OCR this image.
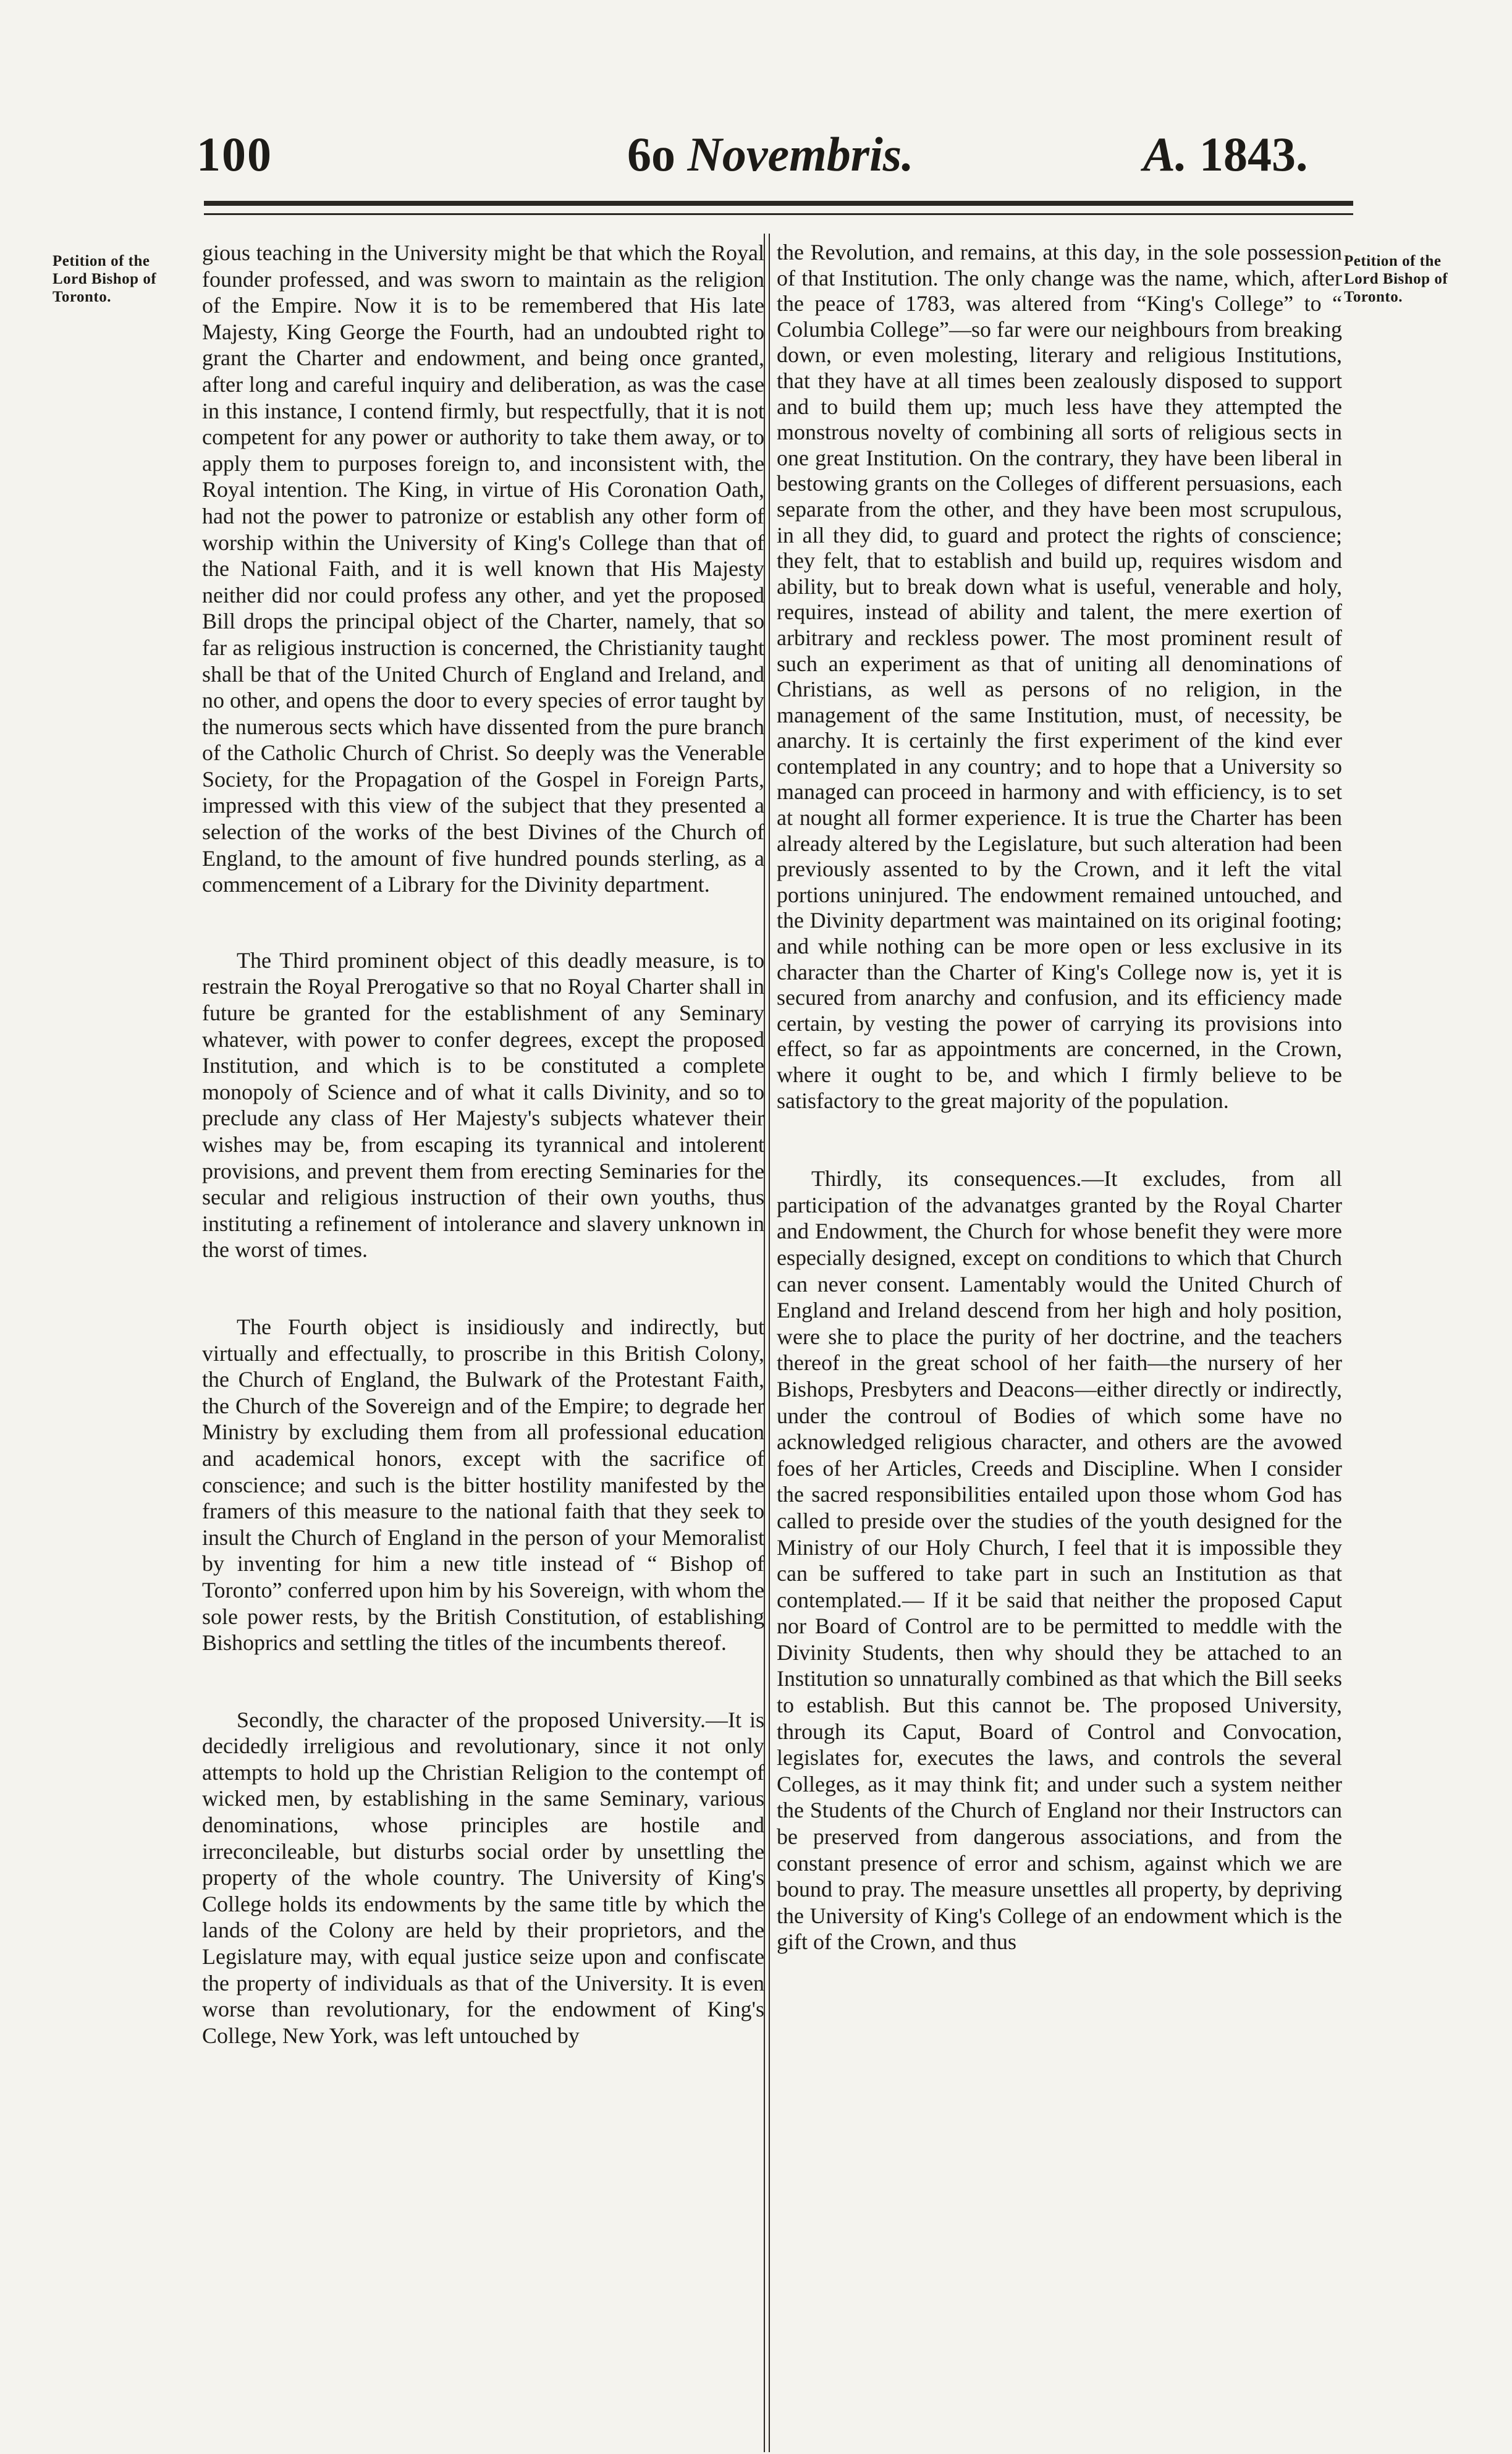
100	6o Novembris.	A. 1843.
Petition of the Lord Bishop of Toronto.
Petition of the Lord Bishop of Toronto.

gious teaching in the University might be that which the Royal founder professed, and was sworn to maintain as the religion of the Empire. Now it is to be remembered that His late Majesty, King George the Fourth, had an undoubted right to grant the Charter and endowment, and being once granted, after long and careful inquiry and deliberation, as was the case in this instance, I contend firmly, but respectfully, that it is not competent for any power or authority to take them away, or to apply them to purposes foreign to, and inconsistent with, the Royal intention. The King, in virtue of His Coronation Oath, had not the power to patronize or establish any other form of worship within the University of King's College than that of the National Faith, and it is well known that His Majesty neither did nor could profess any other, and yet the proposed Bill drops the principal object of the Charter, namely, that so far as religious instruction is concerned, the Christianity taught shall be that of the United Church of England and Ireland, and no other, and opens the door to every species of error taught by the numerous sects which have dissented from the pure branch of the Catholic Church of Christ. So deeply was the Venerable Society, for the Propagation of the Gospel in Foreign Parts, impressed with this view of the subject that they presented a selection of the works of the best Divines of the Church of England, to the amount of five hundred pounds sterling, as a commencement of a Library for the Divinity department.

The Third prominent object of this deadly measure, is to restrain the Royal Prerogative so that no Royal Charter shall in future be granted for the establishment of any Seminary whatever, with power to confer degrees, except the proposed Institution, and which is to be constituted a complete monopoly of Science and of what it calls Divinity, and so to preclude any class of Her Majesty's subjects whatever their wishes may be, from escaping its tyrannical and intolerent provisions, and prevent them from erecting Seminaries for the secular and religious instruction of their own youths, thus instituting a refinement of intolerance and slavery unknown in the worst of times.

The Fourth object is insidiously and indirectly, but virtually and effectually, to proscribe in this British Colony, the Church of England, the Bulwark of the Protestant Faith, the Church of the Sovereign and of the Empire; to degrade her Ministry by excluding them from all professional education and academical honors, except with the sacrifice of conscience; and such is the bitter hostility manifested by the framers of this measure to the national faith that they seek to insult the Church of England in the person of your Memoralist by inventing for him a new title instead of “ Bishop of Toronto” conferred upon him by his Sovereign, with whom the sole power rests, by the British Constitution, of establishing Bishoprics and settling the titles of the incumbents thereof.

Secondly, the character of the proposed University.—It is decidedly irreligious and revolutionary, since it not only attempts to hold up the Christian Religion to the contempt of wicked men, by establishing in the same Seminary, various denominations, whose principles are hostile and irreconcileable, but disturbs social order by unsettling the property of the whole country. The University of King's College holds its endowments by the same title by which the lands of the Colony are held by their proprietors, and the Legislature may, with equal justice seize upon and confiscate the property of individuals as that of the University. It is even worse than revolutionary, for the endowment of King's College, New York, was left untouched by

the Revolution, and remains, at this day, in the sole possession of that Institution. The only change was the name, which, after the peace of 1783, was altered from “King's College” to “ Columbia College”—so far were our neighbours from breaking down, or even molesting, literary and religious Institutions, that they have at all times been zealously disposed to support and to build them up; much less have they attempted the monstrous novelty of combining all sorts of religious sects in one great Institution. On the contrary, they have been liberal in bestowing grants on the Colleges of different persuasions, each separate from the other, and they have been most scrupulous, in all they did, to guard and protect the rights of conscience; they felt, that to establish and build up, requires wisdom and ability, but to break down what is useful, venerable and holy, requires, instead of ability and talent, the mere exertion of arbitrary and reckless power. The most prominent result of such an experiment as that of uniting all denominations of Christians, as well as persons of no religion, in the management of the same Institution, must, of necessity, be anarchy. It is certainly the first experiment of the kind ever contemplated in any country; and to hope that a University so managed can proceed in harmony and with efficiency, is to set at nought all former experience. It is true the Charter has been already altered by the Legislature, but such alteration had been previously assented to by the Crown, and it left the vital portions uninjured. The endowment remained untouched, and the Divinity department was maintained on its original footing; and while nothing can be more open or less exclusive in its character than the Charter of King's College now is, yet it is secured from anarchy and confusion, and its efficiency made certain, by vesting the power of carrying its provisions into effect, so far as appointments are concerned, in the Crown, where it ought to be, and which I firmly believe to be satisfactory to the great majority of the population.

Thirdly, its consequences.—It excludes, from all participation of the advanatges granted by the Royal Charter and Endowment, the Church for whose benefit they were more especially designed, except on conditions to which that Church can never consent. Lamentably would the United Church of England and Ireland descend from her high and holy position, were she to place the purity of her doctrine, and the teachers thereof in the great school of her faith—the nursery of her Bishops, Presbyters and Deacons—either directly or indirectly, under the controul of Bodies of which some have no acknowledged religious character, and others are the avowed foes of her Articles, Creeds and Discipline. When I consider the sacred responsibilities entailed upon those whom God has called to preside over the studies of the youth designed for the Ministry of our Holy Church, I feel that it is impossible they can be suffered to take part in such an Institution as that contemplated.— If it be said that neither the proposed Caput nor Board of Control are to be permitted to meddle with the Divinity Students, then why should they be attached to an Institution so unnaturally combined as that which the Bill seeks to establish. But this cannot be. The proposed University, through its Caput, Board of Control and Convocation, legislates for, executes the laws, and controls the several Colleges, as it may think fit; and under such a system neither the Students of the Church of England nor their Instructors can be preserved from dangerous associations, and from the constant presence of error and schism, against which we are bound to pray. The measure unsettles all property, by depriving the University of King's College of an endowment which is the gift of the Crown, and thus
